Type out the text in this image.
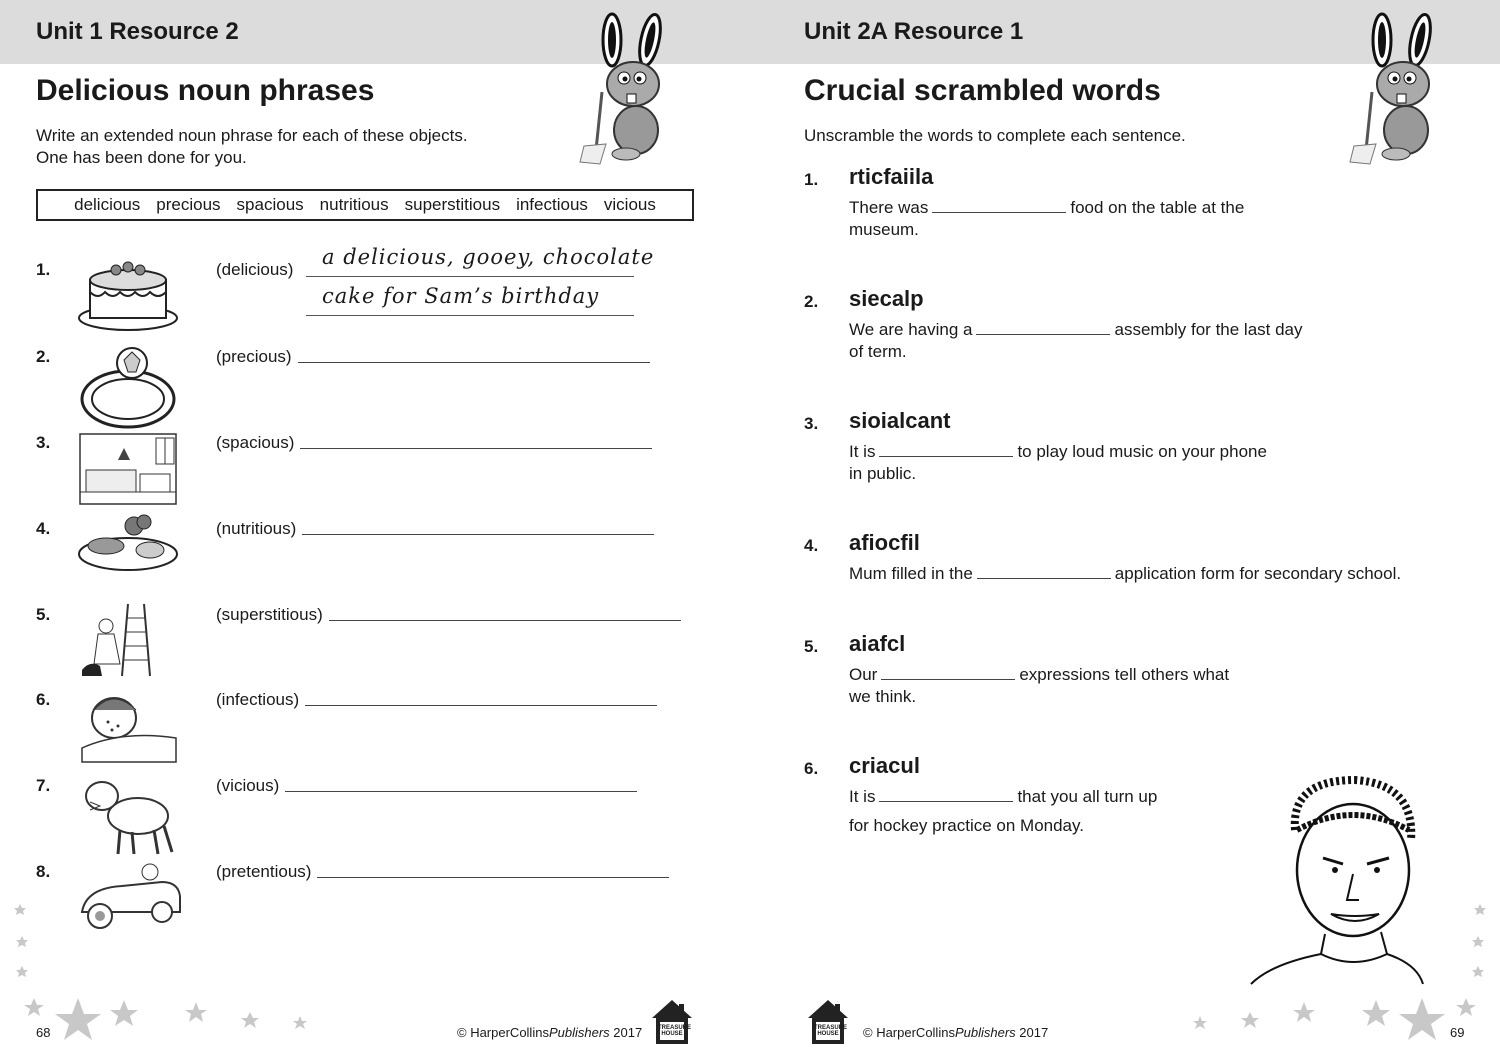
Unit 1 Resource 2
Delicious noun phrases
Write an extended noun phrase for each of these objects.
One has been done for you.
delicious precious spacious nutritious superstitious infectious vicious
1.	(delicious)
a delicious, gooey, chocolate
cake for Sam’s birthday
2.	(precious)
3.	(spacious)
4.	(nutritious)
5.	(superstitious)
6.	(infectious)
7.	(vicious)
8.	(pretentious)
68	© HarperCollinsPublishers 2017	TREASURE HOUSE
Unit 2A Resource 1
Crucial scrambled words
Unscramble the words to complete each sentence.
1. rticfaiila
There was	food on the table at the
museum.
2. siecalp
We are having a	assembly for the last day
of term.
3. sioialcant
It is	to play loud music on your phone
in public.
4. afiocfil
Mum filled in the	application form for secondary school.
5. aiafcl
Our	expressions tell others what
we think.
6. criacul
It is	that you all turn up
for hockey practice on Monday.
TREASURE HOUSE © HarperCollinsPublishers 2017	69
